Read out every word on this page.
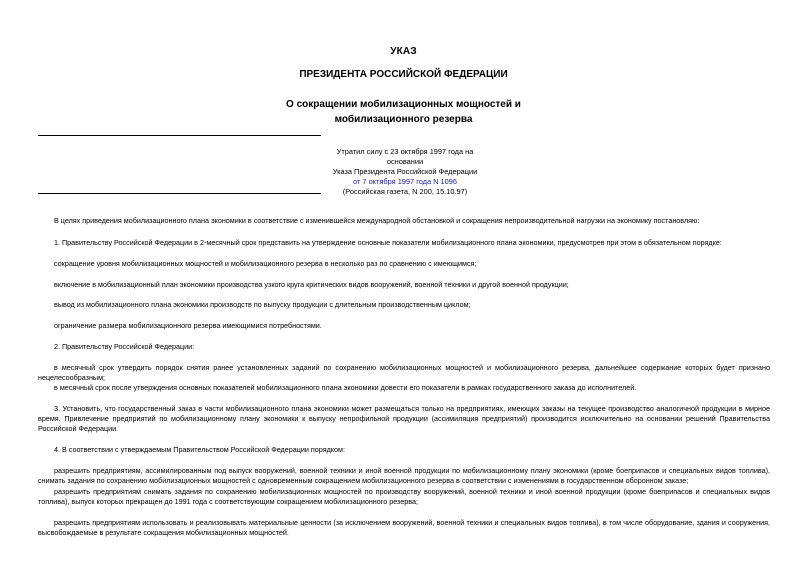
УКАЗ
ПРЕЗИДЕНТА РОССИЙСКОЙ ФЕДЕРАЦИИ
О сокращении мобилизационных мощностей и
мобилизационного резерва
Утратил силу с 23 октября 1997 года на основании
Указа Президента Российской Федерации
от 7 октября 1997 года N 1096
(Российская газета, N 200, 15.10.97)
В целях приведения мобилизационного плана экономики в соответствие с изменившейся международной обстановкой и сокращения непроизводительной нагрузки на экономику постановляю:
1. Правительству Российской Федерации в 2-месячный срок представить на утверждение основные показатели мобилизационного плана экономики, предусмотрев при этом в обязательном порядке:
сокращение уровня мобилизационных мощностей и мобилизационного резерва в несколько раз по сравнению с имеющимся;
включение в мобилизационный план экономики производства узкого круга критических видов вооружений, военной техники и другой военной продукции;
вывод из мобилизационного плана экономики производств по выпуску продукции с длительным производственным циклом;
ограничение размера мобилизационного резерва имеющимися потребностями.
2. Правительству Российской Федерации:
в месячный срок утвердить порядок снятия ранее установленных заданий по сохранению мобилизационных мощностей и мобилизационного резерва, дальнейшее содержание которых будет признано нецелесообразным;
в месячный срок после утверждения основных показателей мобилизационного плана экономики довести его показатели в рамках государственного заказа до исполнителей.
3. Установить, что государственный заказ в части мобилизационного плана экономики может размещаться только на предприятиях, имеющих заказы на текущее производство аналогичной продукции в мирное время. Привлечение предприятий по мобилизационному плану экономики к выпуску непрофильной продукции (ассимиляция предприятий) производится исключительно на основании решений Правительства Российской Федерации.
4. В соответствии с утверждаемым Правительством Российской Федерации порядком:
разрешить предприятиям, ассимилированным под выпуск вооружений, военной техники и иной военной продукции по мобилизационному плану экономики (кроме боеприпасов и специальных видов топлива), снимать задания по сохранению мобилизационных мощностей с одновременным сокращением мобилизационного резерва в соответствии с изменениями в государственном оборонном заказе;
разрешить предприятиям снимать задания по сохранению мобилизационных мощностей по производству вооружений, военной техники и иной военной продукции (кроме боеприпасов и специальных видов топлива), выпуск которых прекращен до 1991 года с соответствующим сокращением мобилизационного резерва;
разрешить предприятиям использовать и реализовывать материальные ценности (за исключением вооружений, военной техники и специальных видов топлива), в том числе оборудование, здания и сооружения, высвобождаемые в результате сокращения мобилизационных мощностей.
